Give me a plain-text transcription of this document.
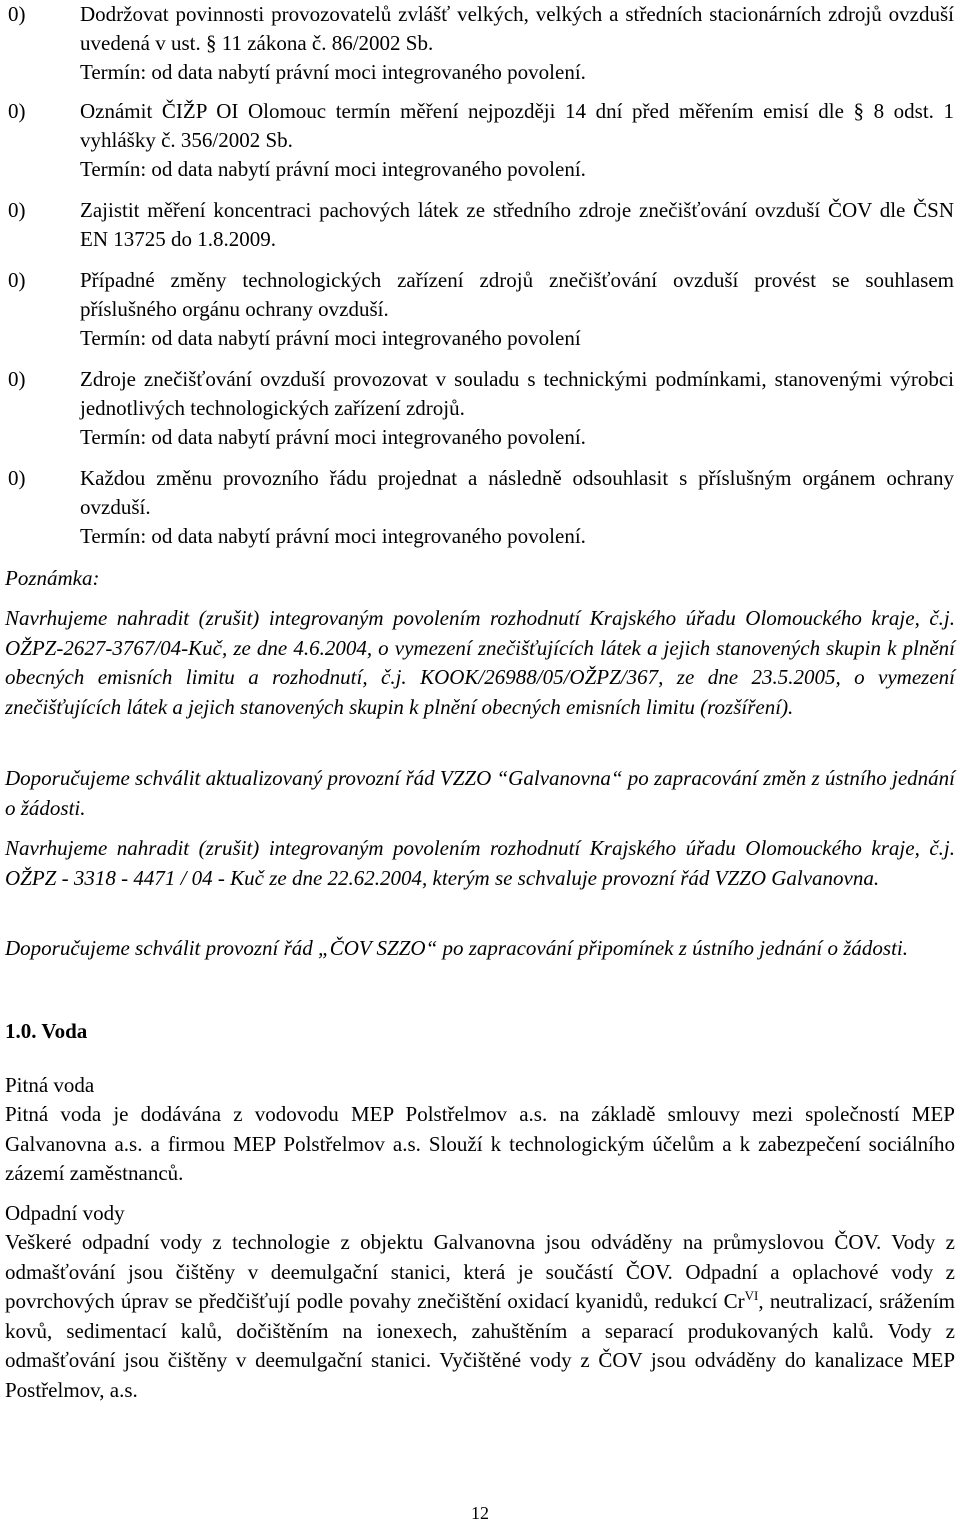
0)	Dodržovat povinnosti provozovatelů zvlášť velkých, velkých a středních stacionárních zdrojů ovzduší uvedená v ust. § 11 zákona č. 86/2002 Sb.
Termín: od data nabytí právní moci integrovaného povolení.
0)	Oznámit ČIŽP OI Olomouc termín měření nejpozději 14 dní před měřením emisí dle § 8 odst. 1 vyhlášky č. 356/2002 Sb.
Termín: od data nabytí právní moci integrovaného povolení.
0)	Zajistit měření koncentraci pachových látek ze středního zdroje znečišťování ovzduší ČOV dle ČSN EN 13725 do 1.8.2009.
0)	Případné změny technologických zařízení zdrojů znečišťování ovzduší provést se souhlasem příslušného orgánu ochrany ovzduší.
Termín: od data nabytí právní moci integrovaného povolení
0)	Zdroje znečišťování ovzduší provozovat v souladu s technickými podmínkami, stanovenými výrobci jednotlivých technologických zařízení zdrojů.
Termín: od data nabytí právní moci integrovaného povolení.
0)	Každou změnu provozního řádu projednat a následně odsouhlasit s příslušným orgánem ochrany ovzduší.
Termín: od data nabytí právní moci integrovaného povolení.
Poznámka:
Navrhujeme nahradit (zrušit) integrovaným povolením rozhodnutí Krajského úřadu Olomouckého kraje, č.j. OŽPZ-2627-3767/04-Kuč, ze dne 4.6.2004, o vymezení znečišťujících látek a jejich stanovených skupin k plnění obecných emisních limitu a rozhodnutí, č.j. KOOK/26988/05/OŽPZ/367, ze dne 23.5.2005, o vymezení znečišťujících látek a jejich stanovených skupin k plnění obecných emisních limitu (rozšíření).
Doporučujeme schválit aktualizovaný provozní řád VZZO “Galvanovna“ po zapracování změn z ústního jednání o žádosti.
Navrhujeme nahradit (zrušit) integrovaným povolením rozhodnutí Krajského úřadu Olomouckého kraje, č.j. OŽPZ - 3318 - 4471 / 04 - Kuč ze dne 22.62.2004, kterým se schvaluje provozní řád VZZO Galvanovna.
Doporučujeme schválit provozní řád „ČOV SZZO“ po zapracování připomínek z ústního jednání o žádosti.
1.0. Voda
Pitná voda
Pitná voda je dodávána z vodovodu MEP Polstřelmov a.s. na základě smlouvy mezi společností MEP Galvanovna a.s. a firmou MEP Polstřelmov a.s. Slouží k technologickým účelům a k zabezpečení sociálního zázemí zaměstnanců.
Odpadní vody
Veškeré odpadní vody z technologie z objektu Galvanovna jsou odváděny na průmyslovou ČOV. Vody z odmašťování jsou čištěny v deemulgační stanici, která je součástí ČOV. Odpadní a oplachové vody z povrchových úprav se předčišťují podle povahy znečištění oxidací kyanidů, redukcí $Cr^{VI}$, neutralizací, srážením kovů, sedimentací kalů, dočištěním na ionexech, zahuštěním a separací produkovaných kalů. Vody z odmašťování jsou čištěny v deemulgační stanici. Vyčištěné vody z ČOV jsou odváděny do kanalizace MEP Postřelmov, a.s.
12
